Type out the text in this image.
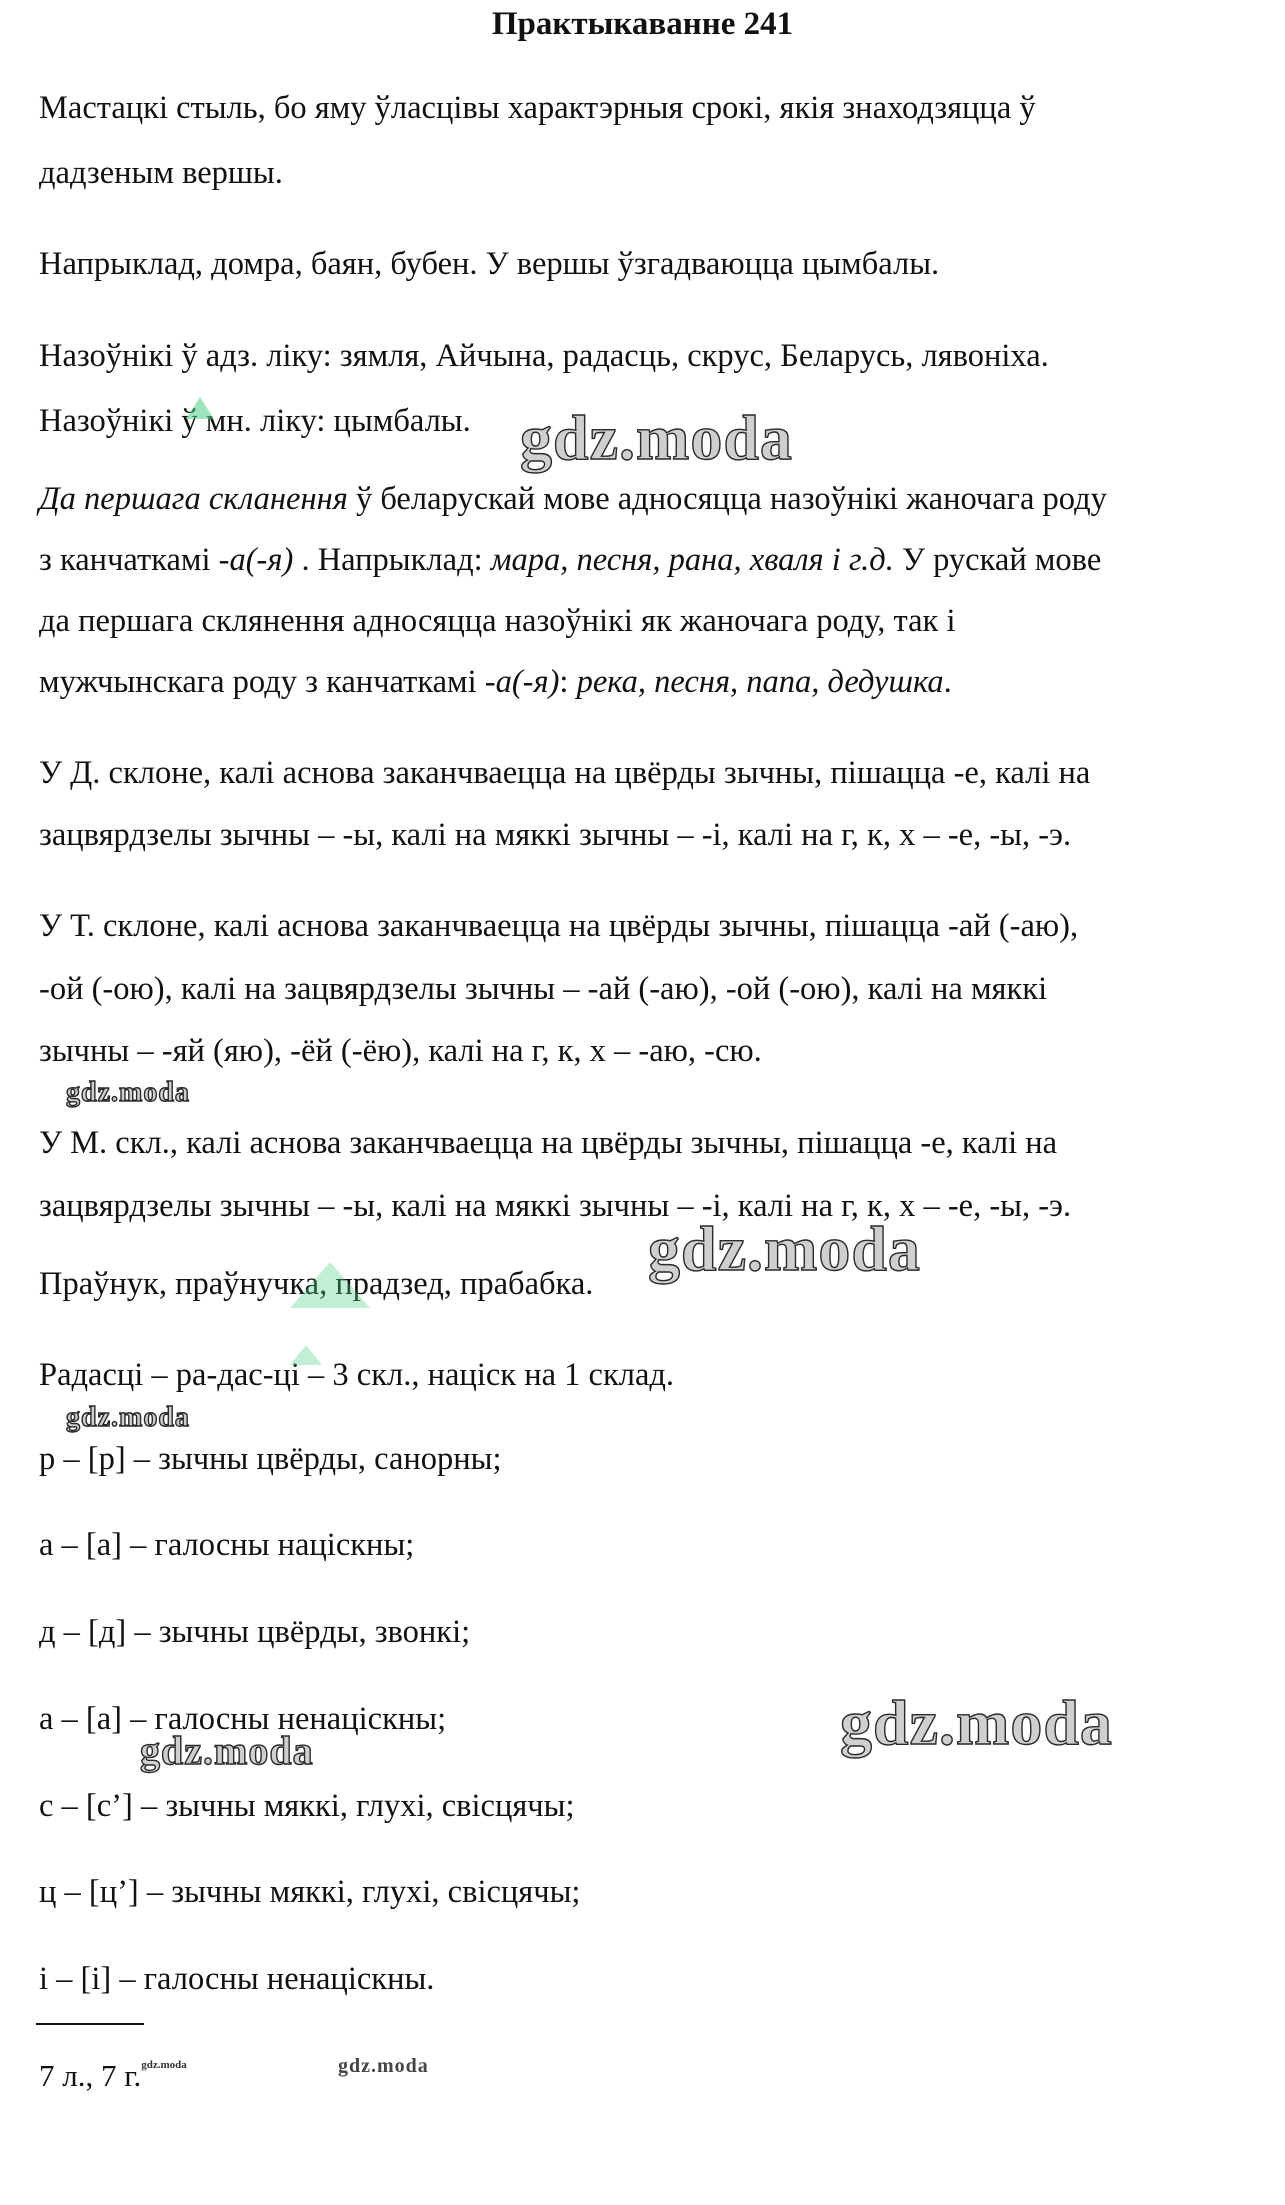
Практыкаванне 241
Мастацкі стыль, бо яму ўласцівы характэрныя срокі, якія знаходзяцца ў
дадзеным вершы.
Напрыклад, домра, баян, бубен. У вершы ўзгадваюцца цымбалы.
Назоўнікі ў адз. ліку: зямля, Айчына, радасць, скрус, Беларусь, лявоніха.
Назоўнікі ў мн. ліку: цымбалы.
Да першага скланення ў беларускай мове адносяцца назоўнікі жаночага роду
з канчаткамі -а(-я) . Напрыклад: мара, песня, рана, хваля і г.д. У рускай мове
да першага склянення адносяцца назоўнікі як жаночага роду, так і
мужчынскага роду з канчаткамі -а(-я): река, песня, папа, дедушка.
У Д. склоне, калі аснова заканчваецца на цвёрды зычны, пішацца -е, калі на
зацвярдзелы зычны – -ы, калі на мяккі зычны – -і, калі на г, к, х – -е, -ы, -э.
У Т. склоне, калі аснова заканчваецца на цвёрды зычны, пішацца -ай (-аю),
-ой (-ою), калі на зацвярдзелы зычны – -ай (-аю), -ой (-ою), калі на мяккі
зычны – -яй (яю), -ёй (-ёю), калі на г, к, х – -аю, -сю.
У М. скл., калі аснова заканчваецца на цвёрды зычны, пішацца -е, калі на
зацвярдзелы зычны – -ы, калі на мяккі зычны – -і, калі на г, к, х – -е, -ы, -э.
Праўнук, праўнучка, прадзед, прабабка.
Радасці – ра-дас-ці – 3 скл., націск на 1 склад.
р – [р] – зычны цвёрды, санорны;
а – [а] – галосны націскны;
д – [д] – зычны цвёрды, звонкі;
а – [а] – галосны ненаціскны;
с – [с’] – зычны мяккі, глухі, свісцячы;
ц – [ц’] – зычны мяккі, глухі, свісцячы;
і – [і] – галосны ненаціскны.
7 л., 7 г.$^{gdz.moda}$
gdz.moda
gdz.moda
gdz.moda
gdz.moda
gdz.moda
gdz.moda
gdz.moda
